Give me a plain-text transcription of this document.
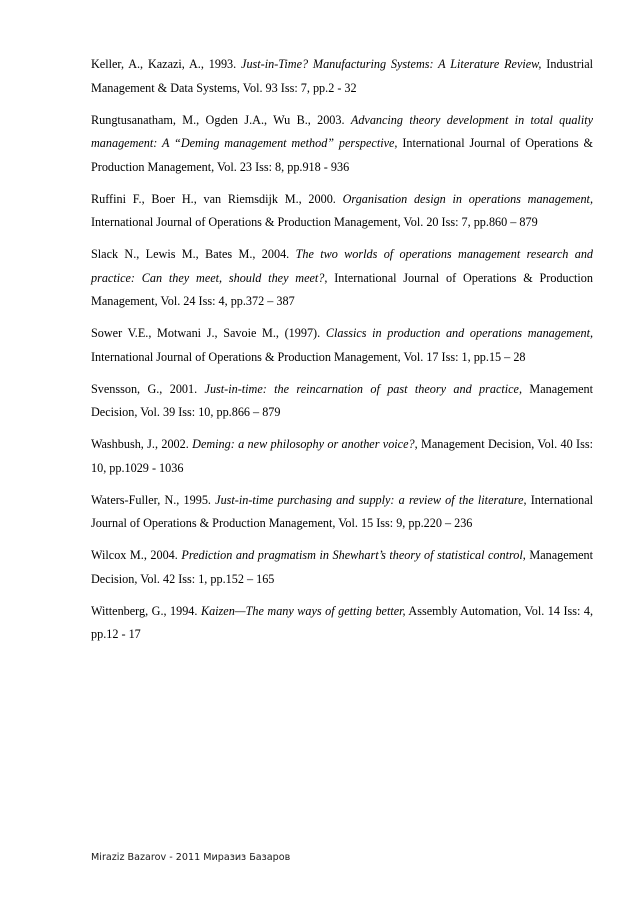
Keller, A., Kazazi, A., 1993. Just-in-Time? Manufacturing Systems: A Literature Review, Industrial Management & Data Systems, Vol. 93 Iss: 7, pp.2 - 32

Rungtusanatham, M., Ogden J.A., Wu B., 2003. Advancing theory development in total quality management: A “Deming management method” perspective, International Journal of Operations & Production Management, Vol. 23 Iss: 8, pp.918 - 936

Ruffini F., Boer H., van Riemsdijk M., 2000. Organisation design in operations management, International Journal of Operations & Production Management, Vol. 20 Iss: 7, pp.860 – 879

Slack N., Lewis M., Bates M., 2004. The two worlds of operations management research and practice: Can they meet, should they meet?, International Journal of Operations & Production Management, Vol. 24 Iss: 4, pp.372 – 387

Sower V.E., Motwani J., Savoie M., (1997). Classics in production and operations management, International Journal of Operations & Production Management, Vol. 17 Iss: 1, pp.15 – 28

Svensson, G., 2001. Just-in-time: the reincarnation of past theory and practice, Management Decision, Vol. 39 Iss: 10, pp.866 – 879

Washbush, J., 2002. Deming: a new philosophy or another voice?, Management Decision, Vol. 40 Iss: 10, pp.1029 - 1036

Waters-Fuller, N., 1995. Just-in-time purchasing and supply: a review of the literature, International Journal of Operations & Production Management, Vol. 15 Iss: 9, pp.220 – 236

Wilcox M., 2004. Prediction and pragmatism in Shewhart’s theory of statistical control, Management Decision, Vol. 42 Iss: 1, pp.152 – 165

Wittenberg, G., 1994. Kaizen—The many ways of getting better, Assembly Automation, Vol. 14 Iss: 4, pp.12 - 17

Miraziz Bazarov - 2011 Миразиз Базаров
